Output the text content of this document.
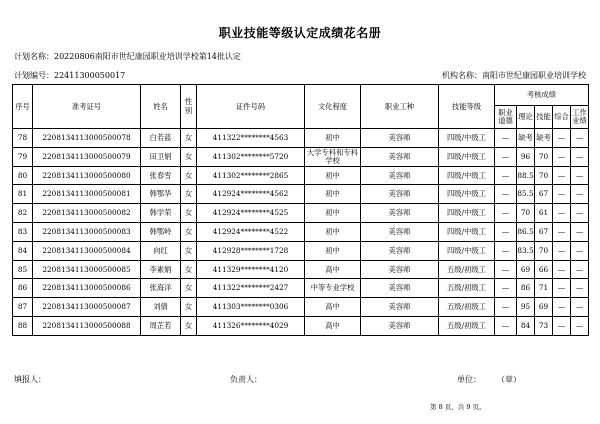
职业技能等级认定成绩花名册
计划名称：20220806南阳市世纪康园职业培训学校第14批认定
计划编号：22411300050017	机构名称：南阳市世纪康园职业培训学校
序号	准考证号	姓名	性别	证件号码	文化程度	职业工种	技能等级	考核成绩				
								职业道德	理论	技能	综合	工作业绩
78	2208134113000500078	白若蓝	女	411322********4563	初中	美容师	四级/中级工	—	缺考	缺考	—	—
79	2208134113000500079	田卫娟	女	411302********5720	大学专科和专科学校	美容师	四级/中级工	—	96	70	—	—
80	2208134113000500080	张春雪	女	411302********2865	初中	美容师	四级/中级工	—	88.5	70	—	—
81	2208134113000500081	韩鄂华	女	412924********4562	初中	美容师	四级/中级工	—	85.5	67	—	—
82	2208134113000500082	韩学荣	女	412924********4525	初中	美容师	四级/中级工	—	70	61	—	—
83	2208134113000500083	韩鄂岭	女	412924********4522	初中	美容师	四级/中级工	—	86.5	67	—	—
84	2208134113000500084	向红	女	412928********1728	初中	美容师	四级/中级工	—	83.5	70	—	—
85	2208134113000500085	李素娟	女	411329********4120	高中	美容师	五级/初级工	—	69	66	—	—
86	2208134113000500086	张海洋	女	411322********2427	中等专业学校	美容师	五级/初级工	—	86	71	—	—
87	2208134113000500087	刘倩	女	411303********0306	高中	美容师	五级/初级工	—	95	69	—	—
88	2208134113000500088	周芷若	女	411326********4029	高中	美容师	五级/初级工	—	84	73	—	—
填报人：	负责人：	单位： （章）
第 8 页，共 9 页。
